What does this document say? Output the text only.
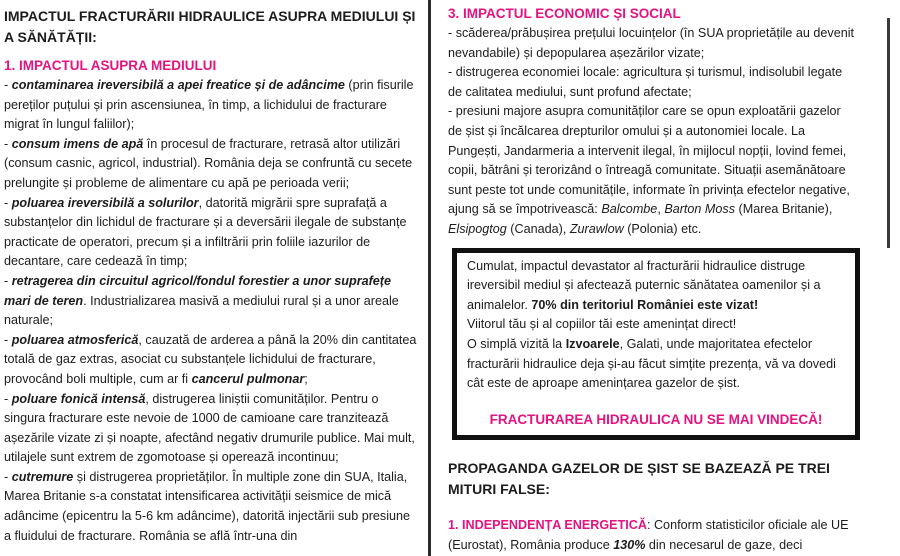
IMPACTUL FRACTURĂRII HIDRAULICE ASUPRA MEDIULUI ȘI A SĂNĂTĂȚII:
1. IMPACTUL ASUPRA MEDIULUI

- contaminarea ireversibilă a apei freatice și de adâncime (prin fisurile pereților puțului și prin ascensiunea, în timp, a lichidului de fracturare migrat în lungul faliilor);

- consum imens de apă în procesul de fracturare, retrasă altor utilizări (consum casnic, agricol, industrial). România deja se confruntă cu secete prelungite și probleme de alimentare cu apă pe perioada verii;

- poluarea ireversibilă a solurilor, datorită migrării spre suprafață a substanțelor din lichidul de fracturare și a deversării ilegale de substanțe practicate de operatori, precum și a infiltrării prin foliile iazurilor de decantare, care cedează în timp;

- retragerea din circuitul agricol/fondul forestier a unor suprafețe mari de teren. Industrializarea masivă a mediului rural și a unor areale naturale;

- poluarea atmosferică, cauzată de arderea a până la 20% din cantitatea totală de gaz extras, asociat cu substanțele lichidului de fracturare, provocând boli multiple, cum ar fi cancerul pulmonar;

- poluare fonică intensă, distrugerea liniștii comunităților. Pentru o singura fracturare este nevoie de 1000 de camioane care tranzitează așezările vizate zi și noapte, afectând negativ drumurile publice. Mai mult, utilajele sunt extrem de zgomotoase și operează incontinuu;

- cutremure și distrugerea proprietăților. În multiple zone din SUA, Italia, Marea Britanie s-a constatat intensificarea activității seismice de mică adâncime (epicentru la 5-6 km adâncime), datorită injectării sub presiune a fluidului de fracturare. România se află într-una din

3. IMPACTUL ECONOMIC ȘI SOCIAL

- scăderea/prăbușirea prețului locuințelor (în SUA proprietățile au devenit nevandabile) și depopularea așezărilor vizate;

- distrugerea economiei locale: agricultura și turismul, indisolubil legate de calitatea mediului, sunt profund afectate;

- presiuni majore asupra comunităților care se opun exploatării gazelor de șist și încălcarea drepturilor omului și a autonomiei locale. La Pungești, Jandarmeria a intervenit ilegal, în mijlocul nopții, lovind femei, copii, bătrâni și terorizând o întreagă comunitate. Situații asemănătoare sunt peste tot unde comunitățile, informate în privința efectelor negative, ajung să se împotrivească: Balcombe, Barton Moss (Marea Britanie), Elsipogtog (Canada), Zurawlow (Polonia) etc.

Cumulat, impactul devastator al fracturării hidraulice distruge ireversibil mediul și afectează puternic sănătatea oamenilor și a animalelor. 70% din teritoriul României este vizat!

Viitorul tău și al copiilor tăi este amenințat direct!

O simplă vizită la Izvoarele, Galati, unde majoritatea efectelor fracturării hidraulice deja și-au făcut simțite prezența, vă va dovedi cât este de aproape amenințarea gazelor de șist.

FRACTURAREA HIDRAULICA NU SE MAI VINDECĂ!

PROPAGANDA GAZELOR DE ȘIST SE BAZEAZĂ PE TREI MITURI FALSE:

1. INDEPENDENȚA ENERGETICĂ: Conform statisticilor oficiale ale UE (Eurostat), România produce 130% din necesarul de gaze, deci
